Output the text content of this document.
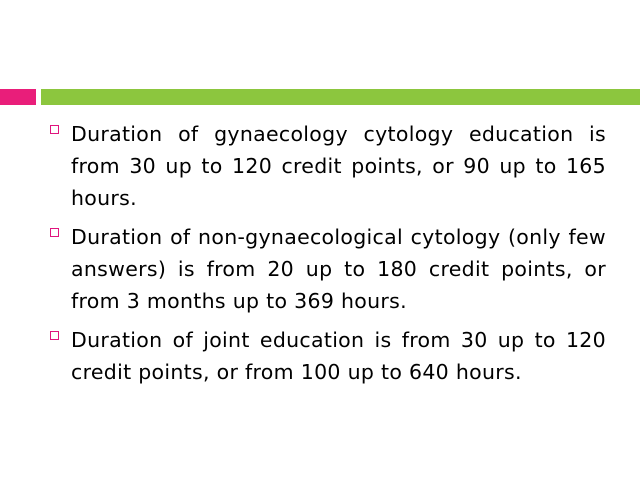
Duration of gynaecology cytology education is from 30 up to 120 credit points, or 90 up to 165 hours.
Duration of non-gynaecological cytology (only few answers) is from 20 up to 180 credit points, or from 3 months up to 369 hours.
Duration of joint education is from 30 up to 120 credit points, or from 100 up to 640 hours.
